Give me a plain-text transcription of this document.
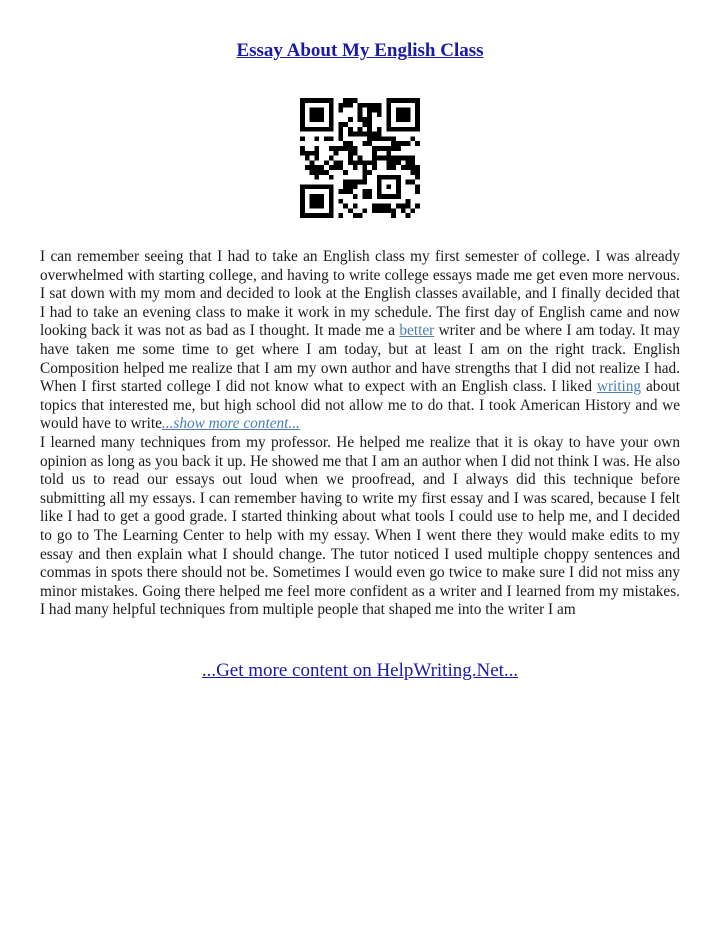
Essay About My English Class

I can remember seeing that I had to take an English class my first semester of college. I was already overwhelmed with starting college, and having to write college essays made me get even more nervous. I sat down with my mom and decided to look at the English classes available, and I finally decided that I had to take an evening class to make it work in my schedule. The first day of English came and now looking back it was not as bad as I thought. It made me a better writer and be where I am today. It may have taken me some time to get where I am today, but at least I am on the right track. English Composition helped me realize that I am my own author and have strengths that I did not realize I had. When I first started college I did not know what to expect with an English class. I liked writing about topics that interested me, but high school did not allow me to do that. I took American History and we would have to write...show more content...

I learned many techniques from my professor. He helped me realize that it is okay to have your own opinion as long as you back it up. He showed me that I am an author when I did not think I was. He also told us to read our essays out loud when we proofread, and I always did this technique before submitting all my essays. I can remember having to write my first essay and I was scared, because I felt like I had to get a good grade. I started thinking about what tools I could use to help me, and I decided to go to The Learning Center to help with my essay. When I went there they would make edits to my essay and then explain what I should change. The tutor noticed I used multiple choppy sentences and commas in spots there should not be. Sometimes I would even go twice to make sure I did not miss any minor mistakes. Going there helped me feel more confident as a writer and I learned from my mistakes. I had many helpful techniques from multiple people that shaped me into the writer I am

...Get more content on HelpWriting.Net...
